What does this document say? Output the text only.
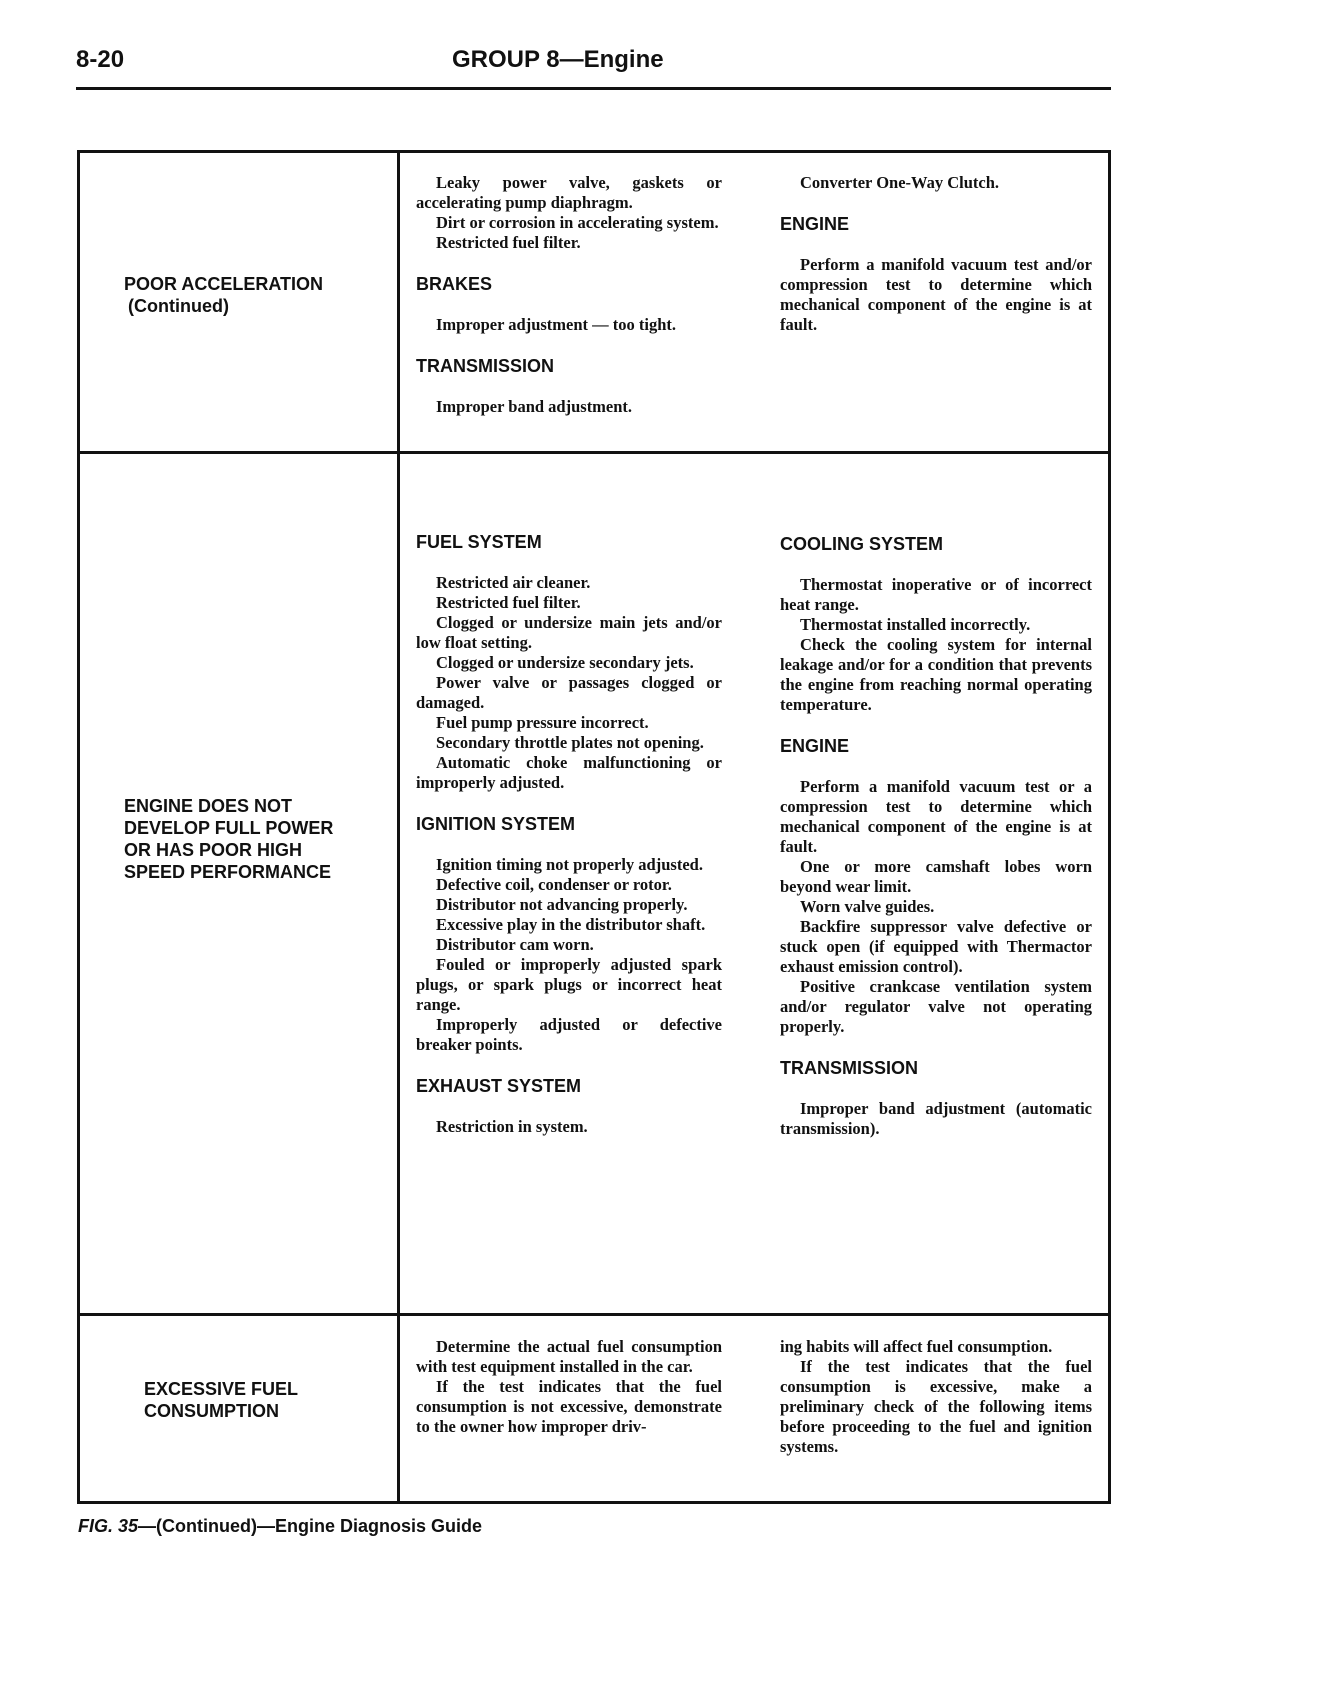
8-20	GROUP 8—Engine
POOR ACCELERATION
(Continued)

Leaky power valve, gaskets or accelerating pump diaphragm.

Dirt or corrosion in accelerating system.

Restricted fuel filter.

BRAKES

Improper adjustment — too tight.

TRANSMISSION

Improper band adjustment.

Converter One-Way Clutch.

ENGINE

Perform a manifold vacuum test and/or compression test to determine which mechanical component of the engine is at fault.

ENGINE DOES NOT
DEVELOP FULL POWER
OR HAS POOR HIGH
SPEED PERFORMANCE

FUEL SYSTEM

Restricted air cleaner.

Restricted fuel filter.

Clogged or undersize main jets and/or low float setting.

Clogged or undersize secondary jets.

Power valve or passages clogged or damaged.

Fuel pump pressure incorrect.

Secondary throttle plates not opening.

Automatic choke malfunctioning or improperly adjusted.

IGNITION SYSTEM

Ignition timing not properly adjusted.

Defective coil, condenser or rotor.

Distributor not advancing properly.

Excessive play in the distributor shaft.

Distributor cam worn.

Fouled or improperly adjusted spark plugs, or spark plugs or incorrect heat range.

Improperly adjusted or defective breaker points.

EXHAUST SYSTEM

Restriction in system.

COOLING SYSTEM

Thermostat inoperative or of incorrect heat range.

Thermostat installed incorrectly.

Check the cooling system for internal leakage and/or for a condition that prevents the engine from reaching normal operating temperature.

ENGINE

Perform a manifold vacuum test or a compression test to determine which mechanical component of the engine is at fault.

One or more camshaft lobes worn beyond wear limit.

Worn valve guides.

Backfire suppressor valve defective or stuck open (if equipped with Thermactor exhaust emission control).

Positive crankcase ventilation system and/or regulator valve not operating properly.

TRANSMISSION

Improper band adjustment (automatic transmission).

EXCESSIVE FUEL
CONSUMPTION

Determine the actual fuel consumption with test equipment installed in the car.

If the test indicates that the fuel consumption is not excessive, demonstrate to the owner how improper driv-

ing habits will affect fuel consumption.

If the test indicates that the fuel consumption is excessive, make a preliminary check of the following items before proceeding to the fuel and ignition systems.

FIG. 35—(Continued)—Engine Diagnosis Guide
